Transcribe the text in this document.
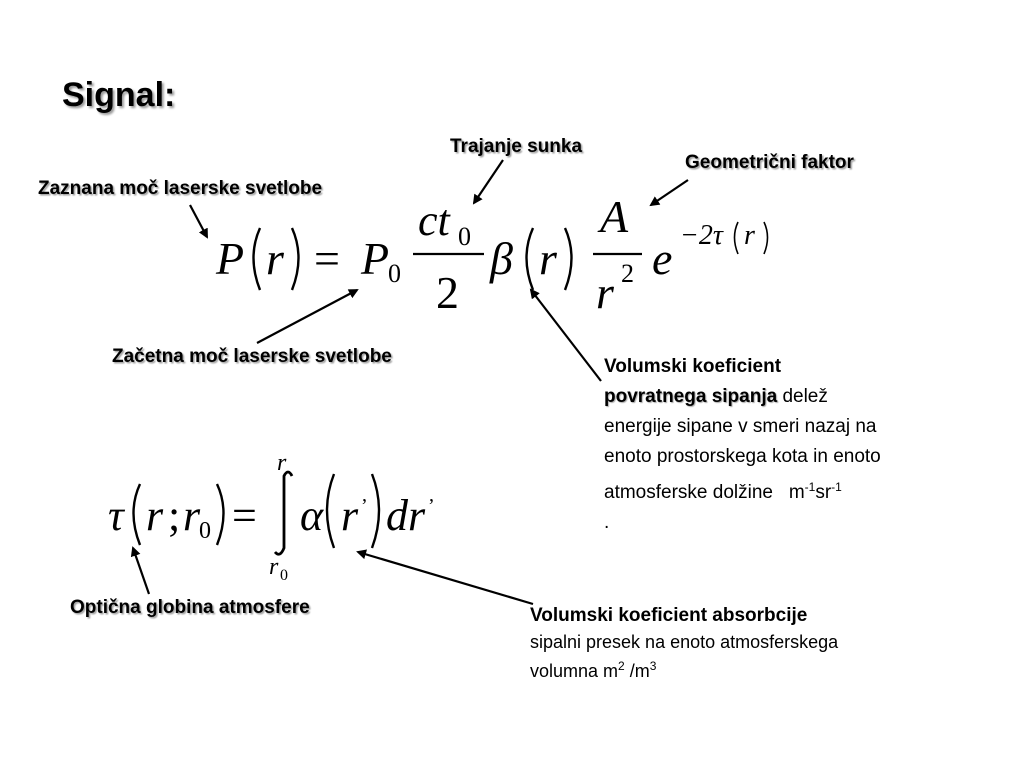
Signal:
Trajanje sunka
Geometrični faktor
Zaznana moč laserske svetlobe
Začetna moč laserske svetlobe
Optična globina atmosfere
Volumski koeficient
povratnega sipanja delež
energije sipane v smeri nazaj na
enoto prostorskega kota in enoto
atmosferske dolžine $m^{-1}sr^{-1}$
.
Volumski koeficient absorbcije
sipalni presek na enoto atmosferskega
volumna $m^2$ $/m^3$
P r = P
0
ct 0
2
β r
A
r 2 e −2τ r
τ r ; r
0 =
r
r 0
α r ’ dr ’
